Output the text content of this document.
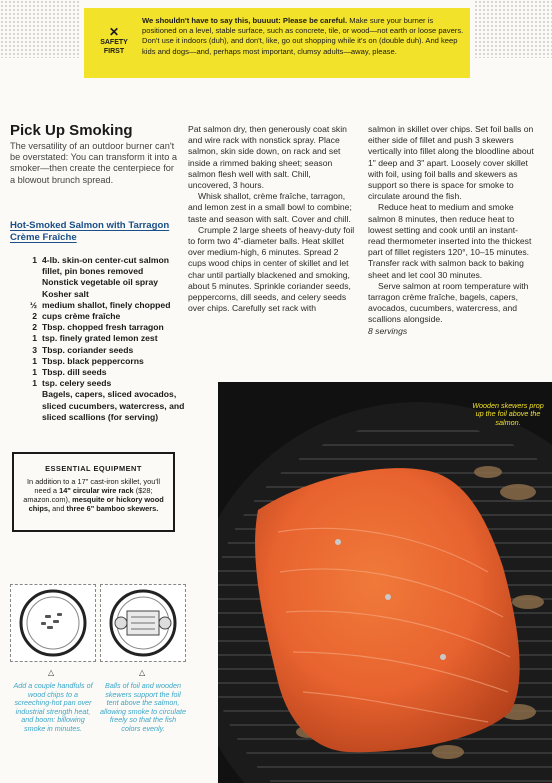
✕
SAFETY
FIRST
We shouldn't have to say this, buuuut: Please be careful. Make sure your burner is positioned on a level, stable surface, such as concrete, tile, or wood—not earth or loose pavers. Don't use it indoors (duh), and don't, like, go out shopping while it's on (double duh). And keep kids and dogs—and, perhaps most important, clumsy adults—away, please.
Pick Up Smoking
The versatility of an outdoor burner can't be overstated: You can transform it into a smoker—then create the centerpiece for a blowout brunch spread.
Hot-Smoked Salmon with Tarragon Crème Fraîche
1 4-lb. skin-on center-cut salmon fillet, pin bones removed
Nonstick vegetable oil spray
Kosher salt
½ medium shallot, finely chopped
2 cups crème fraîche
2 Tbsp. chopped fresh tarragon
1 tsp. finely grated lemon zest
3 Tbsp. coriander seeds
1 Tbsp. black peppercorns
1 Tbsp. dill seeds
1 tsp. celery seeds
Bagels, capers, sliced avocados, sliced cucumbers, watercress, and sliced scallions (for serving)
ESSENTIAL EQUIPMENT
In addition to a 17" cast-iron skillet, you'll need a 14" circular wire rack ($28; amazon.com), mesquite or hickory wood chips, and three 6" bamboo skewers.

Pat salmon dry, then generously coat skin and wire rack with nonstick spray. Place salmon, skin side down, on rack and set inside a rimmed baking sheet; season salmon flesh well with salt. Chill, uncovered, 3 hours.

Whisk shallot, crème fraîche, tarragon, and lemon zest in a small bowl to combine; taste and season with salt. Cover and chill.

Crumple 2 large sheets of heavy-duty foil to form two 4"-diameter balls. Heat skillet over medium-high, 6 minutes. Spread 2 cups wood chips in center of skillet and let char until partially blackened and smoking, about 5 minutes. Sprinkle coriander seeds, peppercorns, dill seeds, and celery seeds over chips. Carefully set rack with

salmon in skillet over chips. Set foil balls on either side of fillet and push 3 skewers vertically into fillet along the bloodline about 1" deep and 3" apart. Loosely cover skillet with foil, using foil balls and skewers as support so there is space for smoke to circulate around the fish.

Reduce heat to medium and smoke salmon 8 minutes, then reduce heat to lowest setting and cook until an instant-read thermometer inserted into the thickest part of fillet registers 120°, 10–15 minutes. Transfer rack with salmon back to baking sheet and let cool 30 minutes.

Serve salmon at room temperature with tarragon crème fraîche, bagels, capers, avocados, cucumbers, watercress, and scallions alongside.

8 servings

Wooden skewers prop up the foil above the salmon.
△	△
Add a couple handfuls of wood chips to a screeching-hot pan over industrial strength heat, and boom: billowing smoke in minutes.
Balls of foil and wooden skewers support the foil tent above the salmon, allowing smoke to circulate freely so that the fish colors evenly.
